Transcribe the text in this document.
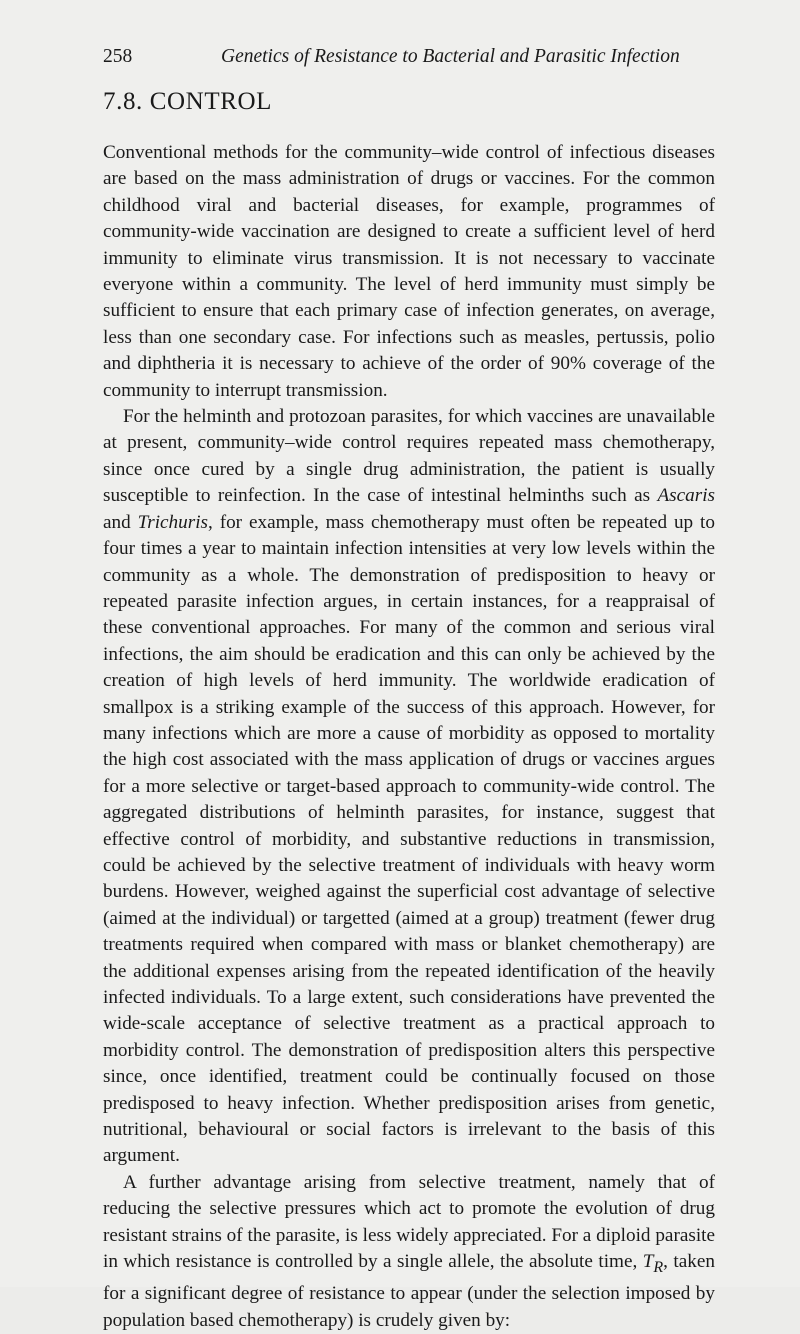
258	Genetics of Resistance to Bacterial and Parasitic Infection
7.8. CONTROL

Conventional methods for the community–wide control of infectious diseases are based on the mass administration of drugs or vaccines. For the common childhood viral and bacterial diseases, for example, programmes of community-wide vaccination are designed to create a sufficient level of herd immunity to eliminate virus transmission. It is not necessary to vaccinate everyone within a community. The level of herd immunity must simply be sufficient to ensure that each primary case of infection generates, on average, less than one secondary case. For infections such as measles, pertussis, polio and diphtheria it is necessary to achieve of the order of 90% coverage of the community to interrupt transmission.

For the helminth and protozoan parasites, for which vaccines are unavailable at present, community–wide control requires repeated mass chemotherapy, since once cured by a single drug administration, the patient is usually susceptible to reinfection. In the case of intestinal helminths such as Ascaris and Trichuris, for example, mass chemotherapy must often be repeated up to four times a year to maintain infection intensities at very low levels within the community as a whole. The demonstration of predisposition to heavy or repeated parasite infection argues, in certain instances, for a reappraisal of these conventional approaches. For many of the common and serious viral infections, the aim should be eradication and this can only be achieved by the creation of high levels of herd immunity. The worldwide eradication of smallpox is a striking example of the success of this approach. However, for many infections which are more a cause of morbidity as opposed to mortality the high cost associated with the mass application of drugs or vaccines argues for a more selective or target-based approach to community-wide control. The aggregated distributions of helminth parasites, for instance, suggest that effective control of morbidity, and substantive reductions in transmission, could be achieved by the selective treatment of individuals with heavy worm burdens. However, weighed against the superficial cost advantage of selective (aimed at the individual) or targetted (aimed at a group) treatment (fewer drug treatments required when compared with mass or blanket chemotherapy) are the additional expenses arising from the repeated identification of the heavily infected individuals. To a large extent, such considerations have prevented the wide-scale acceptance of selective treatment as a practical approach to morbidity control. The demonstration of predisposition alters this perspective since, once identified, treatment could be continually focused on those predisposed to heavy infection. Whether predisposition arises from genetic, nutritional, behavioural or social factors is irrelevant to the basis of this argument.

A further advantage arising from selective treatment, namely that of reducing the selective pressures which act to promote the evolution of drug resistant strains of the parasite, is less widely appreciated. For a diploid parasite in which resistance is controlled by a single allele, the absolute time, $T_R$, taken for a significant degree of resistance to appear (under the selection imposed by population based chemotherapy) is crudely given by:
